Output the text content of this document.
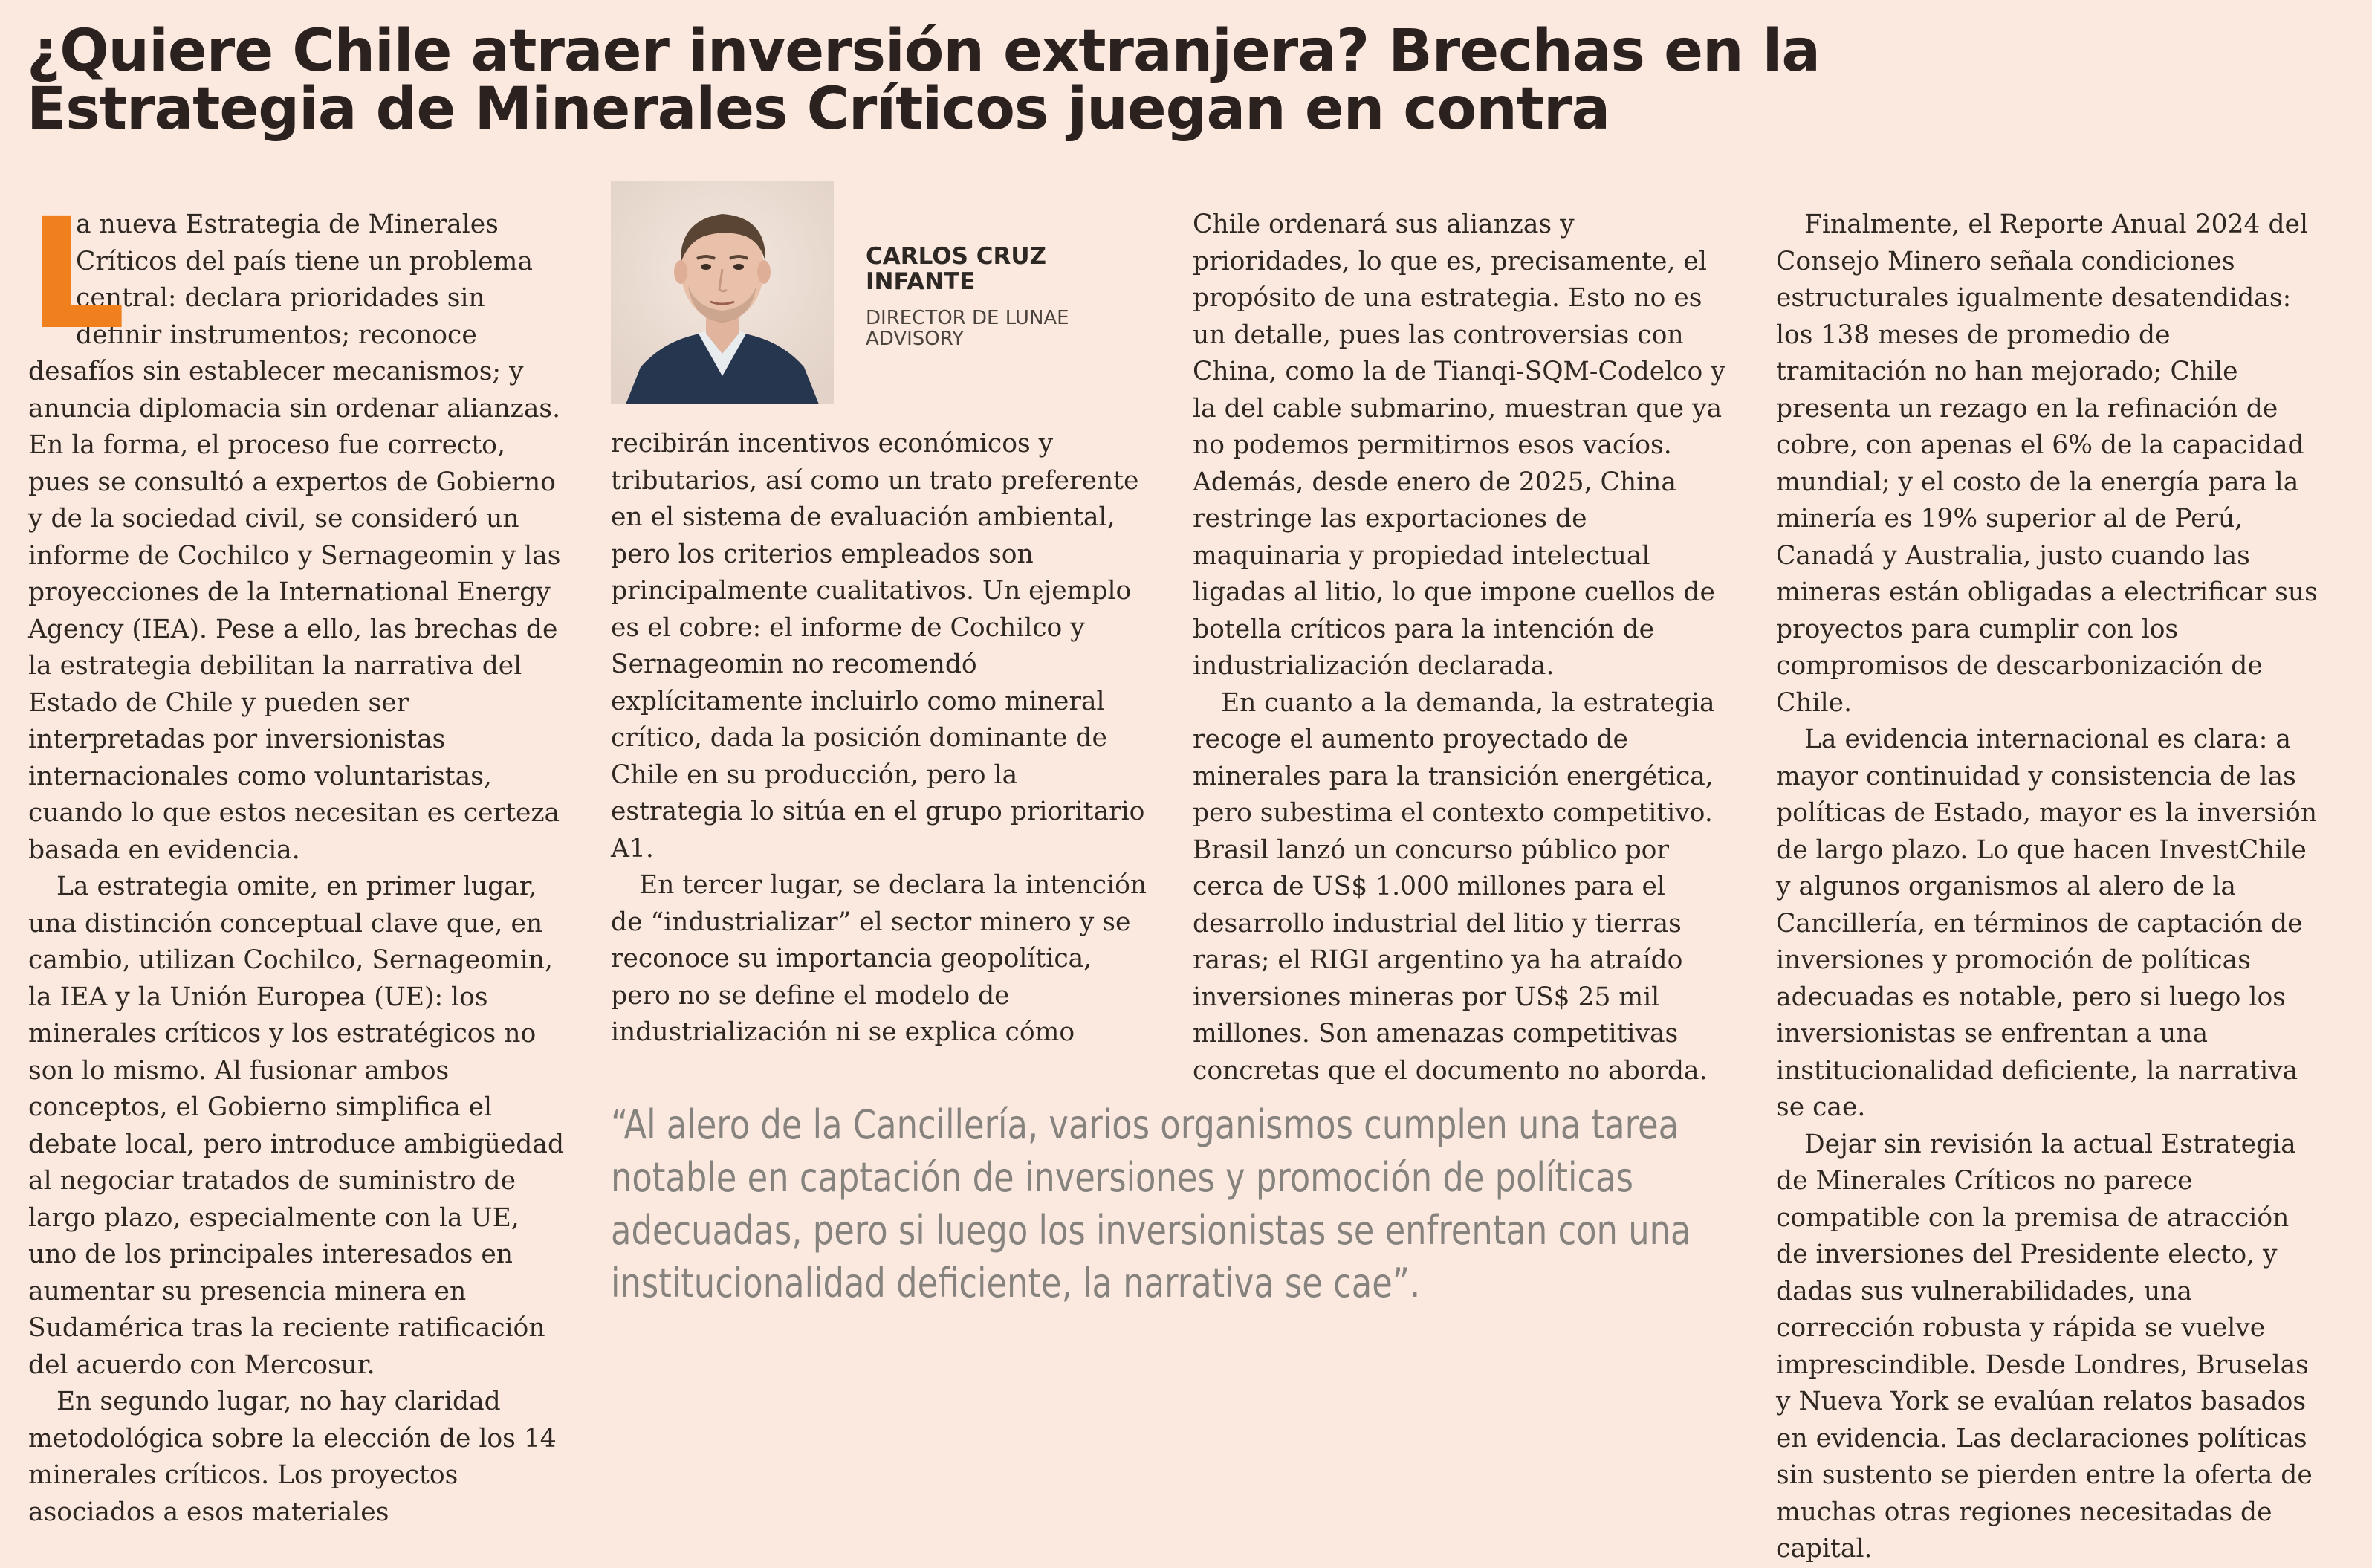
¿Quiere Chile atraer inversión extranjera? Brechas en la Estrategia de Minerales Críticos juegan en contra
L

a nueva Estrategia de Minerales Críticos del país tiene un problema central: declara prioridades sin definir instrumentos; reconoce desafíos sin establecer mecanismos; y anuncia diplomacia sin ordenar alianzas. En la forma, el proceso fue correcto, pues se consultó a expertos de Gobierno y de la sociedad civil, se consideró un informe de Cochilco y Sernageomin y las proyecciones de la International Energy Agency (IEA). Pese a ello, las brechas de la estrategia debilitan la narrativa del Estado de Chile y pueden ser interpretadas por inversionistas internacionales como voluntaristas, cuando lo que estos necesitan es certeza basada en evidencia.

La estrategia omite, en primer lugar, una distinción conceptual clave que, en cambio, utilizan Cochilco, Sernageomin, la IEA y la Unión Europea (UE): los minerales críticos y los estratégicos no son lo mismo. Al fusionar ambos conceptos, el Gobierno simplifica el debate local, pero introduce ambigüedad al negociar tratados de suministro de largo plazo, especialmente con la UE, uno de los principales interesados en aumentar su presencia minera en Sudamérica tras la reciente ratificación del acuerdo con Mercosur.

En segundo lugar, no hay claridad metodológica sobre la elección de los 14 minerales críticos. Los proyectos asociados a esos materiales

CARLOS CRUZ INFANTE

DIRECTOR DE LUNAE ADVISORY

recibirán incentivos económicos y tributarios, así como un trato preferente en el sistema de evaluación ambiental, pero los criterios empleados son principalmente cualitativos. Un ejemplo es el cobre: el informe de Cochilco y Sernageomin no recomendó explícitamente incluirlo como mineral crítico, dada la posición dominante de Chile en su producción, pero la estrategia lo sitúa en el grupo prioritario A1.

En tercer lugar, se declara la intención de “industrializar” el sector minero y se reconoce su importancia geopolítica, pero no se define el modelo de industrialización ni se explica cómo

Chile ordenará sus alianzas y prioridades, lo que es, precisamente, el propósito de una estrategia. Esto no es un detalle, pues las controversias con China, como la de Tianqi-SQM-Codelco y la del cable submarino, muestran que ya no podemos permitirnos esos vacíos. Además, desde enero de 2025, China restringe las exportaciones de maquinaria y propiedad intelectual ligadas al litio, lo que impone cuellos de botella críticos para la intención de industrialización declarada.

En cuanto a la demanda, la estrategia recoge el aumento proyectado de minerales para la transición energética, pero subestima el contexto competitivo. Brasil lanzó un concurso público por cerca de US$ 1.000 millones para el desarrollo industrial del litio y tierras raras; el RIGI argentino ya ha atraído inversiones mineras por US$ 25 mil millones. Son amenazas competitivas concretas que el documento no aborda.

“Al alero de la Cancillería, varios organismos cumplen una tarea notable en captación de inversiones y promoción de políticas adecuadas, pero si luego los inversionistas se enfrentan con una institucionalidad deficiente, la narrativa se cae”.

Finalmente, el Reporte Anual 2024 del Consejo Minero señala condiciones estructurales igualmente desatendidas: los 138 meses de promedio de tramitación no han mejorado; Chile presenta un rezago en la refinación de cobre, con apenas el 6% de la capacidad mundial; y el costo de la energía para la minería es 19% superior al de Perú, Canadá y Australia, justo cuando las mineras están obligadas a electrificar sus proyectos para cumplir con los compromisos de descarbonización de Chile.

La evidencia internacional es clara: a mayor continuidad y consistencia de las políticas de Estado, mayor es la inversión de largo plazo. Lo que hacen InvestChile y algunos organismos al alero de la Cancillería, en términos de captación de inversiones y promoción de políticas adecuadas es notable, pero si luego los inversionistas se enfrentan a una institucionalidad deficiente, la narrativa se cae.

Dejar sin revisión la actual Estrategia de Minerales Críticos no parece compatible con la premisa de atracción de inversiones del Presidente electo, y dadas sus vulnerabilidades, una corrección robusta y rápida se vuelve imprescindible. Desde Londres, Bruselas y Nueva York se evalúan relatos basados en evidencia. Las declaraciones políticas sin sustento se pierden entre la oferta de muchas otras regiones necesitadas de capital.
